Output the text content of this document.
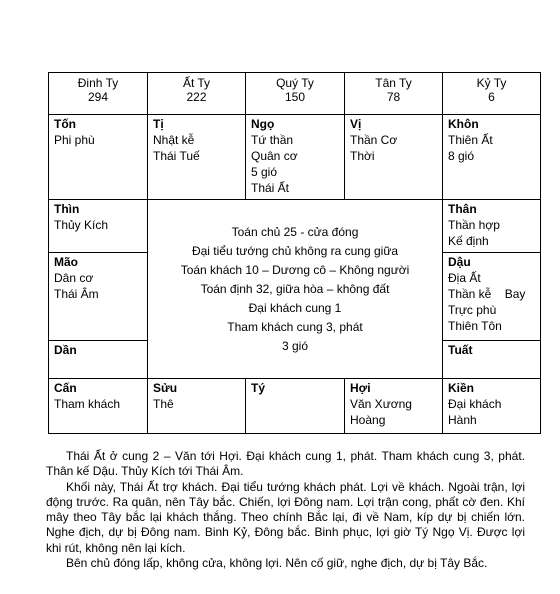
Đinh Ty
294
Ất Ty
222
Quý Ty
150
Tân Ty
78
Kỷ Ty
6
Tốn
Phi phù
Tị
Nhật kễ
Thái Tuế
Ngọ
Tứ thần
Quân cơ
5 gió
Thái Ất
Vị
Thần Cơ
Thời
Khôn
Thiên Ất
8 gió
Thìn
Thủy Kích
Mão
Dân cơ
Thái Âm
Dần
Toán chủ 25 - cửa đóng
Đại tiểu tướng chủ không ra cung giữa
Toán khách 10 – Dương cô – Không người
Toán định 32, giữa hòa – không đất
Đại khách cung 1
Tham khách cung 3, phát
3 gió
Thân
Thần hợp
Kế định
Dậu
Địa Ất
Thần kễ    Bay
Trực phù
Thiên Tôn
Tuất
Cấn
Tham khách
Sửu
Thê
Tý	Hợi
Văn Xương
Hoàng
Kiền
Đại khách
Hành

Thái Ất ở cung 2 – Văn tới Hợi. Đại khách cung 1, phát. Tham khách cung 3, phát. Thân kế Dậu. Thủy Kích tới Thái Âm.

Khối này, Thái Ất trợ khách. Đại tiểu tướng khách phát. Lợi về khách. Ngoài trận, lợi động trước. Ra quân, nên Tây bắc. Chiến, lợi Đông nam. Lợi trận cong, phất cờ đen. Khí mây theo Tây bắc lại khách thắng. Theo chính Bắc lại, đi về Nam, kíp dự bị chiến lớn. Nghe địch, dự bị Đông nam. Binh Kỷ, Đông bắc. Binh phục, lợi giờ Tý Ngọ Vị. Được lợi khi rút, không nên lại kích.

Bên chủ đóng lấp, không cửa, không lợi. Nên cố giữ, nghe địch, dự bị Tây Bắc.
